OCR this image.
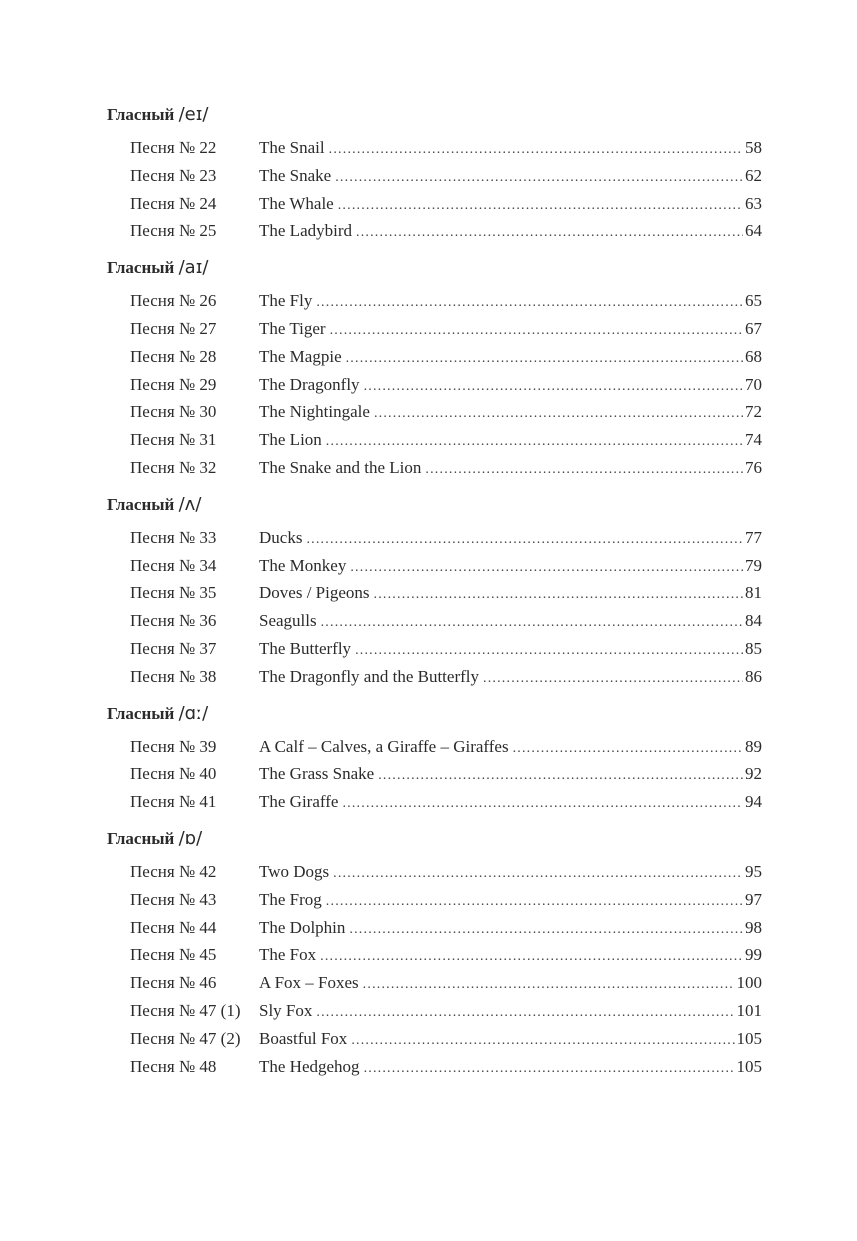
Гласный /eɪ/
Песня № 22	The Snail .....	58
Песня № 23	The Snake .....	62
Песня № 24	The Whale .....	63
Песня № 25	The Ladybird .....	64
Гласный /aɪ/
Песня № 26	The Fly .....	65
Песня № 27	The Tiger .....	67
Песня № 28	The Magpie .....	68
Песня № 29	The Dragonfly .....	70
Песня № 30	The Nightingale .....	72
Песня № 31	The Lion .....	74
Песня № 32	The Snake and the Lion .....	76
Гласный /ʌ/
Песня № 33	Ducks .....	77
Песня № 34	The Monkey .....	79
Песня № 35	Doves / Pigeons .....	81
Песня № 36	Seagulls .....	84
Песня № 37	The Butterfly .....	85
Песня № 38	The Dragonfly and the Butterfly .....	86
Гласный /ɑː/
Песня № 39	A Calf – Calves, a Giraffe – Giraffes .....	89
Песня № 40	The Grass Snake .....	92
Песня № 41	The Giraffe .....	94
Гласный /ɒ/
Песня № 42	Two Dogs .....	95
Песня № 43	The Frog .....	97
Песня № 44	The Dolphin .....	98
Песня № 45	The Fox .....	99
Песня № 46	A Fox – Foxes .....	100
Песня № 47 (1)	Sly Fox .....	101
Песня № 47 (2)	Boastful Fox .....	105
Песня № 48	The Hedgehog .....	105
